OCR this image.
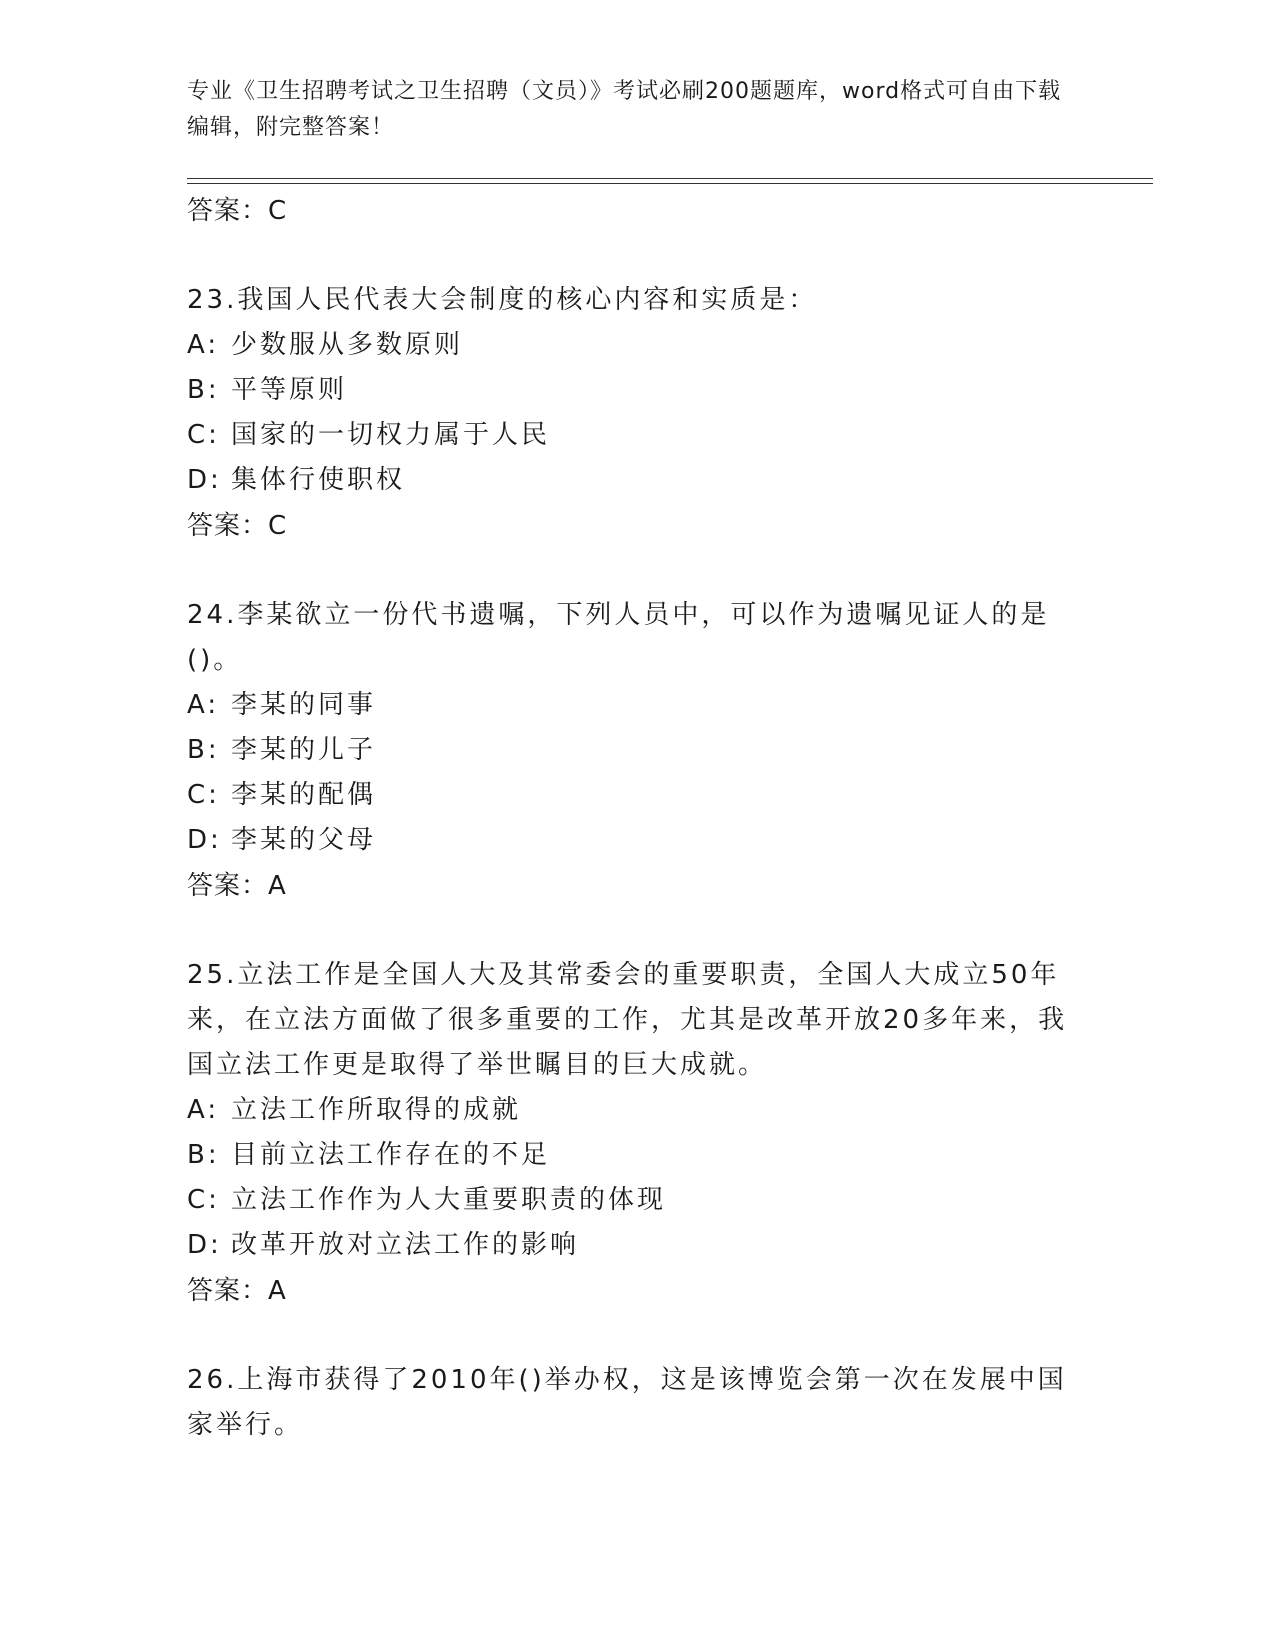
专业《卫生招聘考试之卫生招聘（文员）》考试必刷200题题库，word格式可自由下载编辑，附完整答案！
答案：C
23.我国人民代表大会制度的核心内容和实质是：
A: 少数服从多数原则
B: 平等原则
C: 国家的一切权力属于人民
D: 集体行使职权
答案：C
24.李某欲立一份代书遗嘱，下列人员中，可以作为遗嘱见证人的是()。
A: 李某的同事
B: 李某的儿子
C: 李某的配偶
D: 李某的父母
答案：A
25.立法工作是全国人大及其常委会的重要职责，全国人大成立50年来，在立法方面做了很多重要的工作，尤其是改革开放20多年来，我国立法工作更是取得了举世瞩目的巨大成就。
A: 立法工作所取得的成就
B: 目前立法工作存在的不足
C: 立法工作作为人大重要职责的体现
D: 改革开放对立法工作的影响
答案：A
26.上海市获得了2010年()举办权，这是该博览会第一次在发展中国家举行。
